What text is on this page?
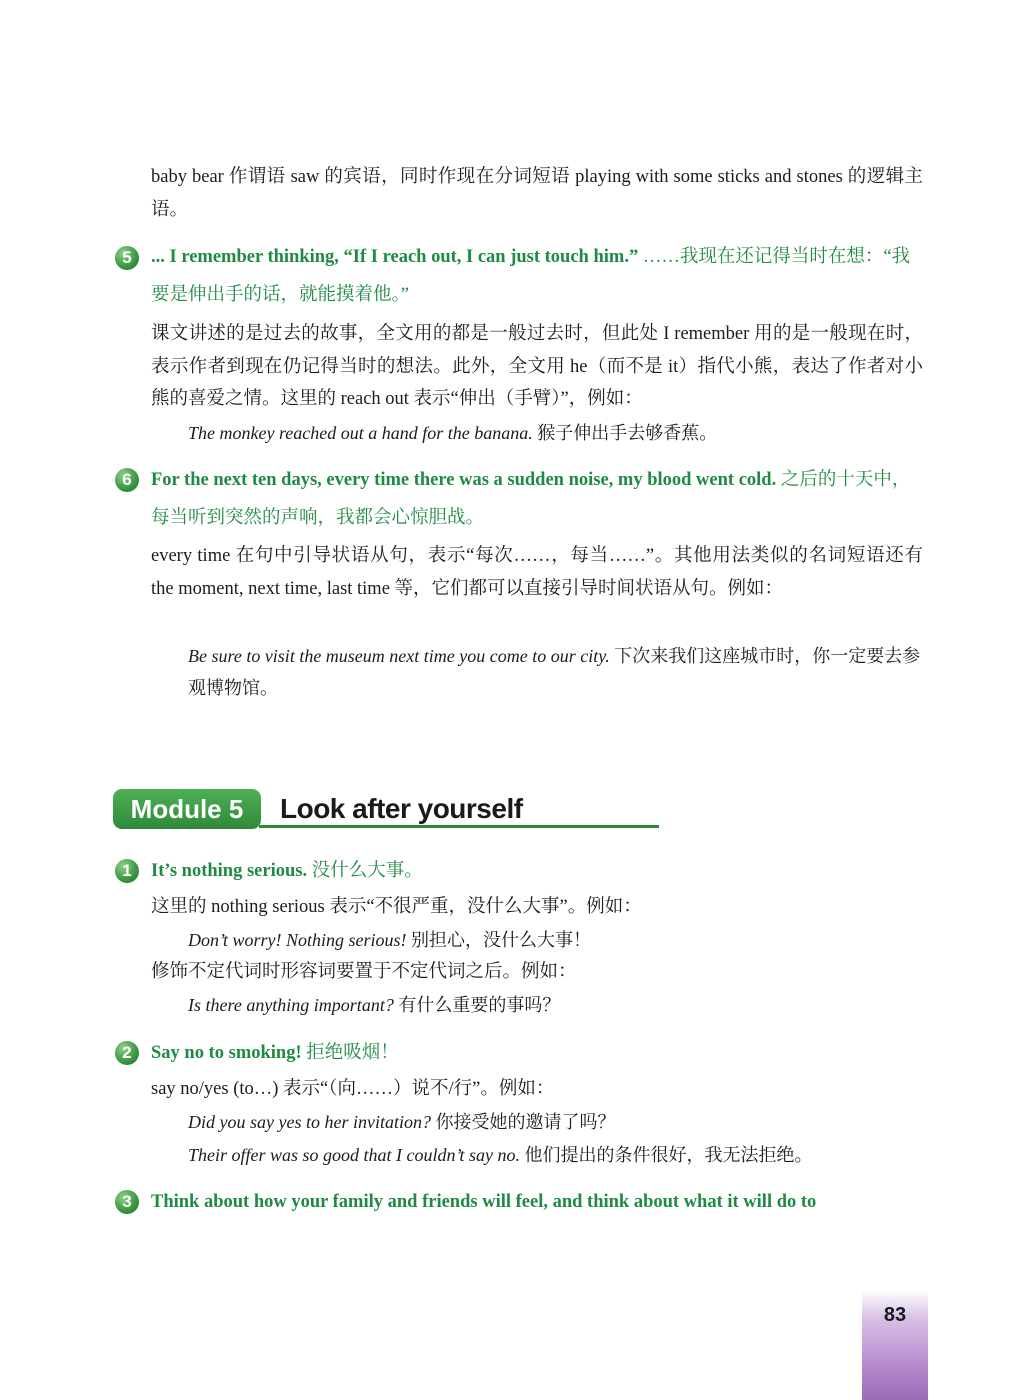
baby bear 作谓语 saw 的宾语，同时作现在分词短语 playing with some sticks and stones 的逻辑主语。

5	... I remember thinking, “If I reach out, I can just touch him.” ……我现在还记得当时在想：“我要是伸出手的话，就能摸着他。”

课文讲述的是过去的故事，全文用的都是一般过去时，但此处 I remember 用的是一般现在时，表示作者到现在仍记得当时的想法。此外，全文用 he（而不是 it）指代小熊，表达了作者对小熊的喜爱之情。这里的 reach out 表示“伸出（手臂）”，例如：

The monkey reached out a hand for the banana. 猴子伸出手去够香蕉。

6	For the next ten days, every time there was a sudden noise, my blood went cold. 之后的十天中，每当听到突然的声响，我都会心惊胆战。

every time 在句中引导状语从句，表示“每次……，每当……”。其他用法类似的名词短语还有 the moment, next time, last time 等，它们都可以直接引导时间状语从句。例如：

Be sure to visit the museum next time you come to our city. 下次来我们这座城市时，你一定要去参观博物馆。

Module 5	Look after yourself
1	It’s nothing serious. 没什么大事。

这里的 nothing serious 表示“不很严重，没什么大事”。例如：

Don’t worry! Nothing serious! 别担心，没什么大事！

修饰不定代词时形容词要置于不定代词之后。例如：

Is there anything important? 有什么重要的事吗？

2	Say no to smoking! 拒绝吸烟！

say no/yes (to…) 表示“（向……）说不/行”。例如：

Did you say yes to her invitation? 你接受她的邀请了吗？

Their offer was so good that I couldn’t say no. 他们提出的条件很好，我无法拒绝。

3	Think about how your family and friends will feel, and think about what it will do to

83
